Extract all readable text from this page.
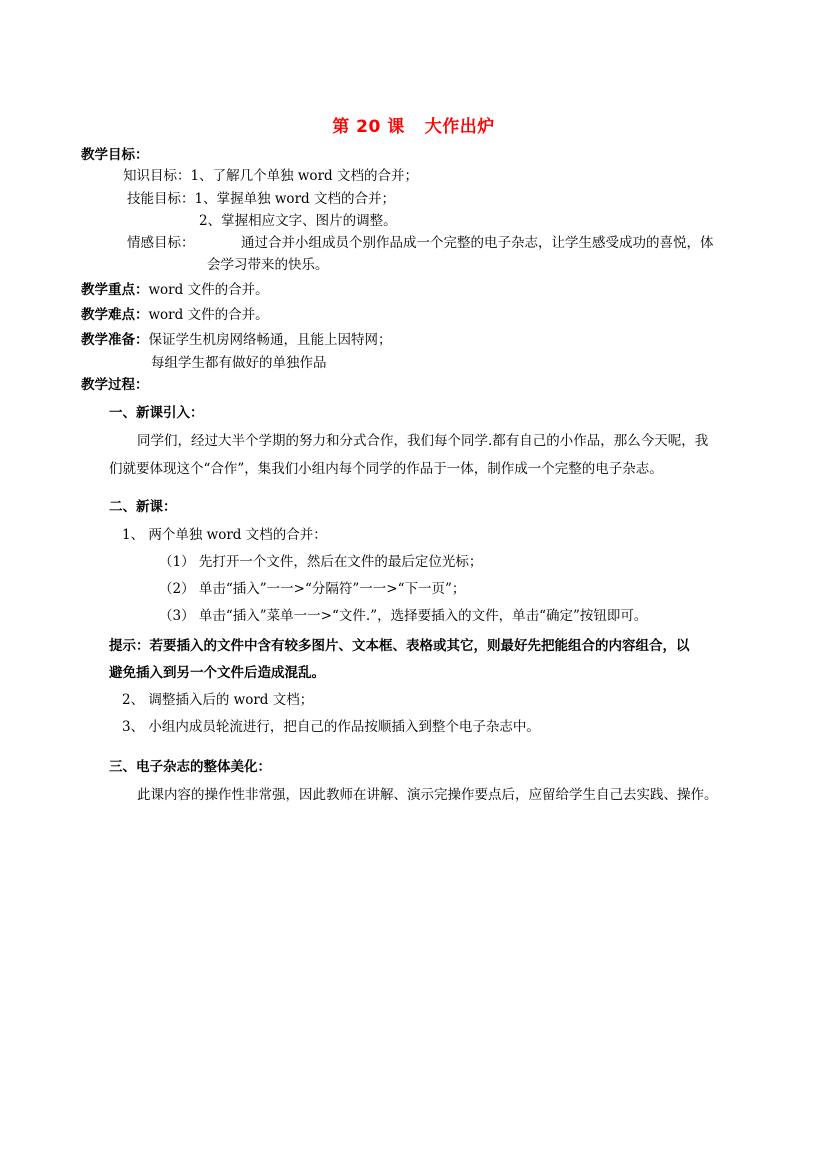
第 20 课 大作出炉
教学目标：
知识目标：1、了解几个单独 word 文档的合并；
技能目标：1、掌握单独 word 文档的合并；
2、掌握相应文字、图片的调整。
情感目标：	通过合并小组成员个别作品成一个完整的电子杂志，让学生感受成功的喜悦，体
会学习带来的快乐。
教学重点：word 文件的合并。
教学难点：word 文件的合并。
教学准备：保证学生机房网络畅通，且能上因特网；
每组学生都有做好的单独作品
教学过程：
一、新课引入：
同学们，经过大半个学期的努力和分式合作，我们每个同学.都有自己的小作品，那么今天呢，我
们就要体现这个“合作”，集我们小组内每个同学的作品于一体，制作成一个完整的电子杂志。
二、新课：
1、 两个单独 word 文档的合并：
（1） 先打开一个文件，然后在文件的最后定位光标；
（2） 单击“插入”一一>“分隔符”一一>“下一页”；
（3） 单击“插入”菜单一一>“文件.”，选择要插入的文件，单击“确定”按钮即可。
提示：若要插入的文件中含有较多图片、文本框、表格或其它，则最好先把能组合的内容组合，以
避免插入到另一个文件后造成混乱。
2、 调整插入后的 word 文档；
3、 小组内成员轮流进行，把自己的作品按顺插入到整个电子杂志中。
三、电子杂志的整体美化：
此课内容的操作性非常强，因此教师在讲解、演示完操作要点后，应留给学生自己去实践、操作。
